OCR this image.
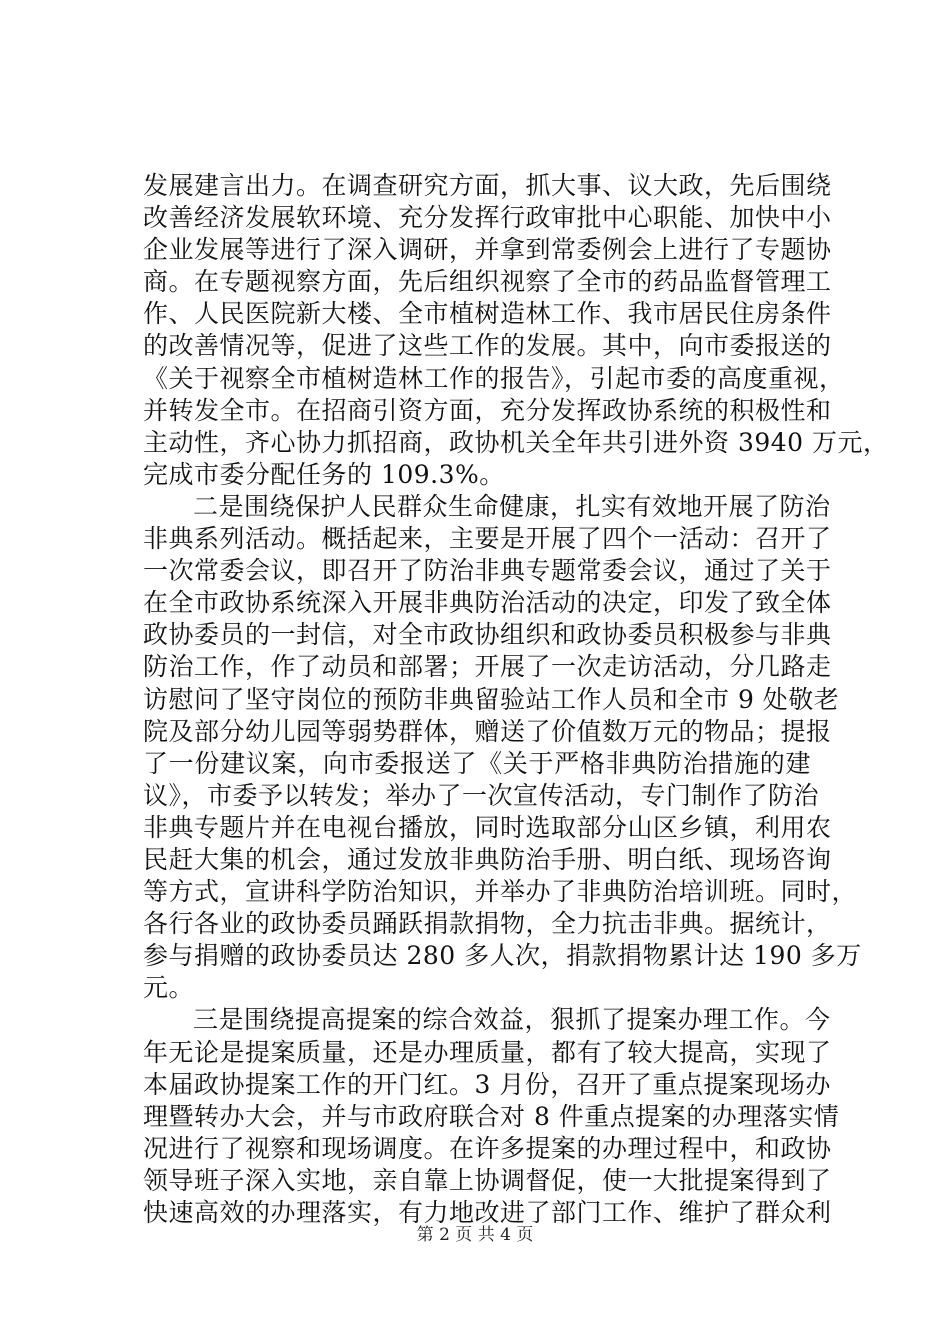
发展建言出力。在调查研究方面，抓大事、议大政，先后围绕
改善经济发展软环境、充分发挥行政审批中心职能、加快中小
企业发展等进行了深入调研，并拿到常委例会上进行了专题协
商。在专题视察方面，先后组织视察了全市的药品监督管理工
作、人民医院新大楼、全市植树造林工作、我市居民住房条件
的改善情况等，促进了这些工作的发展。其中，向市委报送的
《关于视察全市植树造林工作的报告》，引起市委的高度重视，
并转发全市。在招商引资方面，充分发挥政协系统的积极性和
主动性，齐心协力抓招商，政协机关全年共引进外资 3940 万元，
完成市委分配任务的 109.3%。
二是围绕保护人民群众生命健康，扎实有效地开展了防治
非典系列活动。概括起来，主要是开展了四个一活动：召开了
一次常委会议，即召开了防治非典专题常委会议，通过了关于
在全市政协系统深入开展非典防治活动的决定，印发了致全体
政协委员的一封信，对全市政协组织和政协委员积极参与非典
防治工作，作了动员和部署；开展了一次走访活动，分几路走
访慰问了坚守岗位的预防非典留验站工作人员和全市 9 处敬老
院及部分幼儿园等弱势群体，赠送了价值数万元的物品；提报
了一份建议案，向市委报送了《关于严格非典防治措施的建
议》，市委予以转发；举办了一次宣传活动，专门制作了防治
非典专题片并在电视台播放，同时选取部分山区乡镇，利用农
民赶大集的机会，通过发放非典防治手册、明白纸、现场咨询
等方式，宣讲科学防治知识，并举办了非典防治培训班。同时，
各行各业的政协委员踊跃捐款捐物，全力抗击非典。据统计，
参与捐赠的政协委员达 280 多人次，捐款捐物累计达 190 多万
元。
三是围绕提高提案的综合效益，狠抓了提案办理工作。今
年无论是提案质量，还是办理质量，都有了较大提高，实现了
本届政协提案工作的开门红。3 月份，召开了重点提案现场办
理暨转办大会，并与市政府联合对 8 件重点提案的办理落实情
况进行了视察和现场调度。在许多提案的办理过程中，和政协
领导班子深入实地，亲自靠上协调督促，使一大批提案得到了
快速高效的办理落实，有力地改进了部门工作、维护了群众利
第 2 页 共 4 页
